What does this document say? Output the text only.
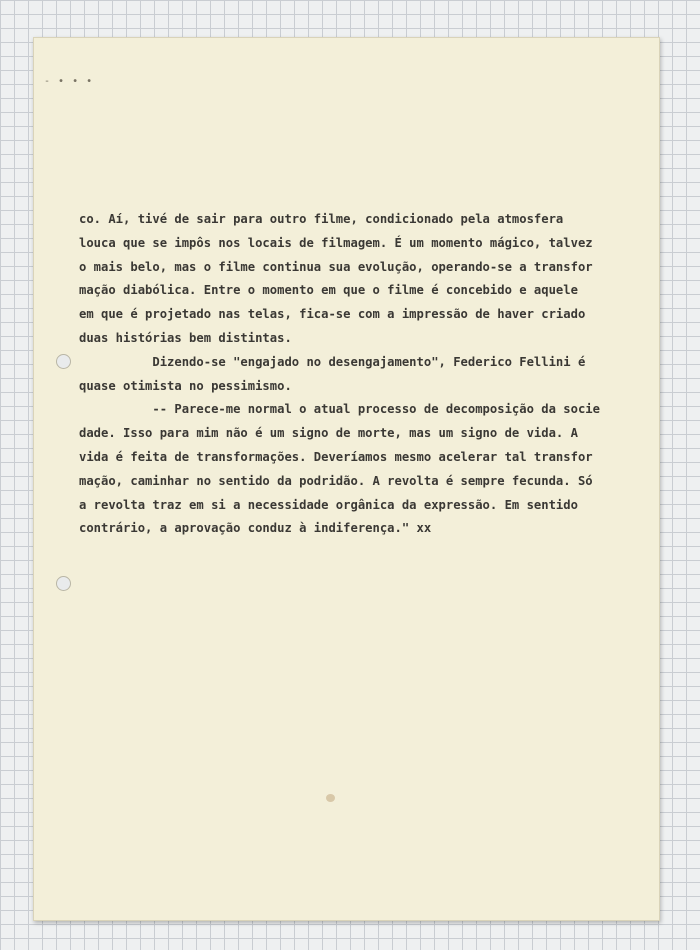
- ∙ ∙ ∙
co. Aí, tivé de sair para outro filme, condicionado pela atmosfera
louca que se impôs nos locais de filmagem. É um momento mágico, talvez
o mais belo, mas o filme continua sua evolução, operando-se a transfor
mação diabólica. Entre o momento em que o filme é concebido e aquele
em que é projetado nas telas, fica-se com a impressão de haver criado
duas histórias bem distintas.
Dizendo-se "engajado no desengajamento", Federico Fellini é
quase otimista no pessimismo.
-- Parece-me normal o atual processo de decomposição da socie
dade. Isso para mim não é um signo de morte, mas um signo de vida. A
vida é feita de transformações. Deveríamos mesmo acelerar tal transfor
mação, caminhar no sentido da podridão. A revolta é sempre fecunda. Só
a revolta traz em si a necessidade orgânica da expressão. Em sentido
contrário, a aprovação conduz à indiferença." xx
